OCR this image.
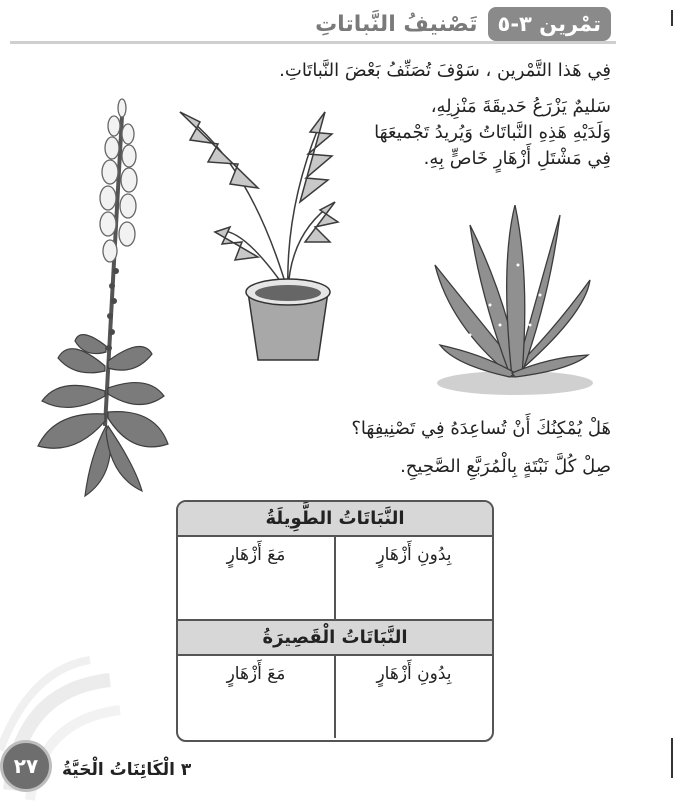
تمْرين ٣-٥
تَصْنيفُ النَّباتاتِ
فِي هَذا التَّمْرين ، سَوْفَ تُصَنِّفُ بَعْضَ النَّباتَاتِ.
سَليمٌ يَزْرَعُ حَديقَةَ مَنْزِلِهِ،
وَلَدَيْهِ هَذِهِ النَّباتَاتُ وَيُريدُ تَجْميعَهَا
فِي مَشْتَلِ أَزْهَارٍ خَاصٍّ بِهِ.
هَلْ يُمْكِنُكَ أَنْ تُساعِدَهُ فِي تَصْنِيفِهَا؟
صِلْ كُلَّ نَبْتَةٍ بِالْمُرَبَّعِ الصَّحِيحِ.
النَّبَاتَاتُ الطَّوِيلَةُ
بِدُونِ أَزْهَارٍ
مَعَ أَزْهَارٍ
النَّبَاتَاتُ الْقَصِيرَةُ
بِدُونِ أَزْهَارٍ
مَعَ أَزْهَارٍ
٢٧	٣ الْكَائِنَاتُ الْحَيَّةُ
